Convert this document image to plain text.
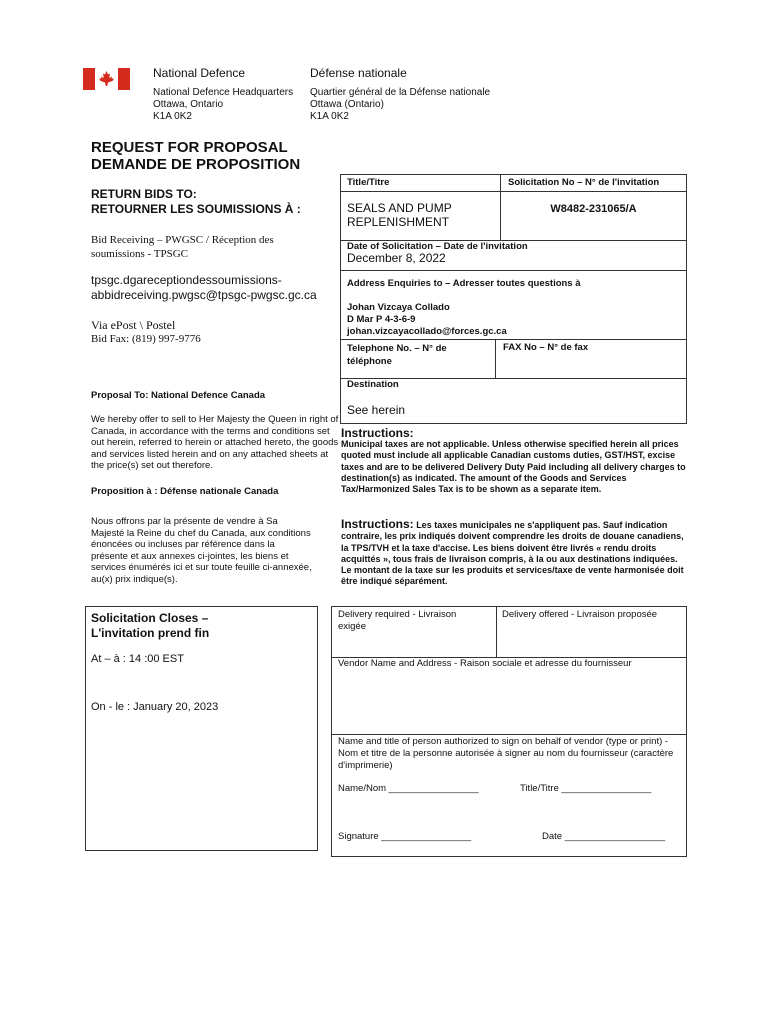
National Defence	Défense nationale
National Defence Headquarters
Ottawa, Ontario
K1A 0K2
Quartier général de la Défense nationale
Ottawa (Ontario)
K1A 0K2
REQUEST FOR PROPOSAL
DEMANDE DE PROPOSITION
RETURN BIDS TO:
RETOURNER LES SOUMISSIONS À :
Bid Receiving – PWGSC / Réception des
soumissions - TPSGC
tpsgc.dgareceptiondessoumissions-
abbidreceiving.pwgsc@tpsgc-pwgsc.gc.ca
Via ePost \ Postel
Bid Fax: (819) 997-9776
Proposal To: National Defence Canada
We hereby offer to sell to Her Majesty the Queen in right of Canada, in accordance with the terms and conditions set out herein, referred to herein or attached hereto, the goods and services listed herein and on any attached sheets at the price(s) set out therefore.
Proposition à : Défense nationale Canada
Nous offrons par la présente de vendre à Sa Majesté la Reine du chef du Canada, aux conditions énoncées ou incluses par référence dans la présente et aux annexes ci-jointes, les biens et services énumérés ici et sur toute feuille ci-annexée, au(x) prix indique(s).
Solicitation Closes –
L'invitation prend fin
At – à : 14 :00 EST
On - le : January 20, 2023
Title/Titre
SEALS AND PUMP
REPLENISHMENT
Solicitation No – N° de l'invitation
W8482-231065/A
Date of Solicitation – Date de l'invitation
December 8, 2022
Address Enquiries to – Adresser toutes questions à
Johan Vizcaya Collado
D Mar P 4-3-6-9
johan.vizcayacollado@forces.gc.ca
Telephone No. – N° de
téléphone
FAX No – N° de fax
Destination
See herein
Instructions:
Municipal taxes are not applicable. Unless otherwise specified herein all prices quoted must include all applicable Canadian customs duties, GST/HST, excise taxes and are to be delivered Delivery Duty Paid including all delivery charges to destination(s) as indicated. The amount of the Goods and Services Tax/Harmonized Sales Tax is to be shown as a separate item.
Instructions: Les taxes municipales ne s'appliquent pas. Sauf indication contraire, les prix indiqués doivent comprendre les droits de douane canadiens, la TPS/TVH et la taxe d'accise. Les biens doivent être livrés « rendu droits acquittés », tous frais de livraison compris, à la ou aux destinations indiquées. Le montant de la taxe sur les produits et services/taxe de vente harmonisée doit être indiqué séparément.
Delivery required - Livraison
exigée
Delivery offered - Livraison proposée
Vendor Name and Address - Raison sociale et adresse du fournisseur
Name and title of person authorized to sign on behalf of vendor (type or print) - Nom et titre de la personne autorisée à signer au nom du fournisseur (caractère d'imprimerie)
Name/Nom _________________	Title/Titre _________________
Signature _________________	Date ___________________
